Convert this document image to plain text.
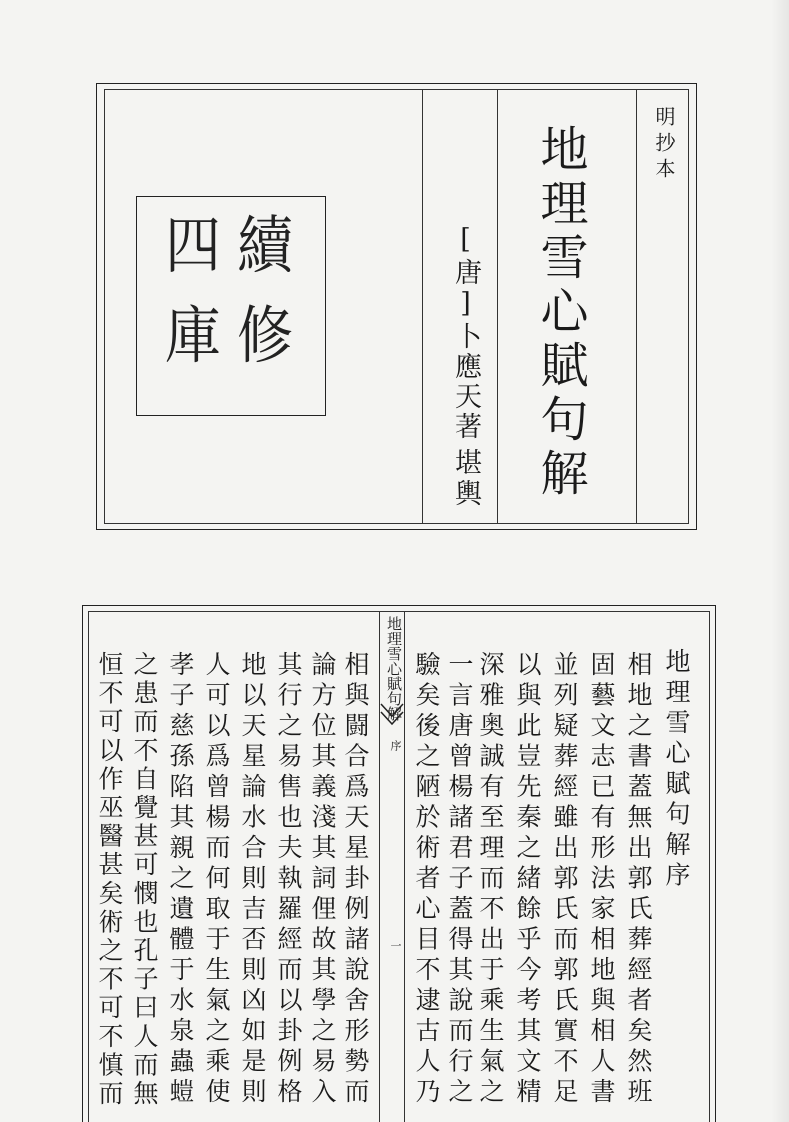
明抄本
地理雪心賦句解
[唐]卜應天著
堪輿
續
修
四
庫
地理雪心賦句解
序
一
地理雪心賦句解序
相地之書蓋無出郭氏葬經者矣然班
固藝文志已有形法家相地與相人書
並列疑葬經雖出郭氏而郭氏實不足
以與此豈先秦之緒餘乎今考其文精
深雅奥誠有至理而不出于乘生氣之
一言唐曾楊諸君子蓋得其說而行之
驗矣後之陋於術者心目不逮古人乃
相與闘合爲天星卦例諸說舍形勢而
論方位其義淺其詞俚故其學之易入
其行之易售也夫執羅經而以卦例格
地以天星論水合則吉否則凶如是則
人可以爲曾楊而何取于生氣之乘使
孝子慈孫陷其親之遺體于水泉蟲螘
之患而不自覺甚可憫也孔子曰人而無
恒不可以作巫醫甚矣術之不可不慎而
